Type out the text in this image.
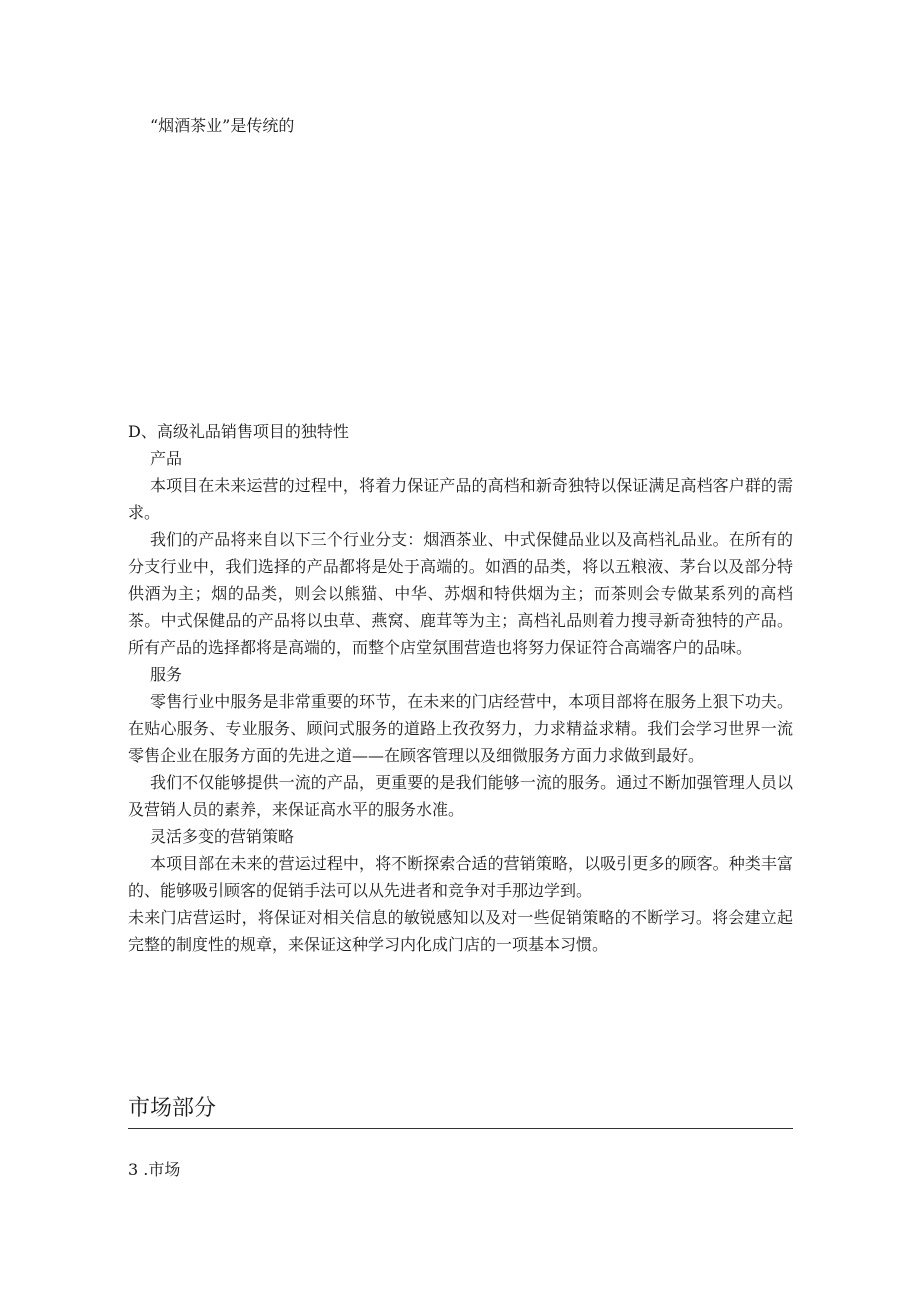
“烟酒茶业”是传统的

D、高级礼品销售项目的独特性

产品

本项目在未来运营的过程中，将着力保证产品的高档和新奇独特以保证满足高档客户群的需求。

我们的产品将来自以下三个行业分支：烟酒茶业、中式保健品业以及高档礼品业。在所有的分支行业中，我们选择的产品都将是处于高端的。如酒的品类，将以五粮液、茅台以及部分特供酒为主；烟的品类，则会以熊猫、中华、苏烟和特供烟为主；而茶则会专做某系列的高档茶。中式保健品的产品将以虫草、燕窝、鹿茸等为主；高档礼品则着力搜寻新奇独特的产品。所有产品的选择都将是高端的，而整个店堂氛围营造也将努力保证符合高端客户的品味。

服务

零售行业中服务是非常重要的环节，在未来的门店经营中，本项目部将在服务上狠下功夫。在贴心服务、专业服务、顾问式服务的道路上孜孜努力，力求精益求精。我们会学习世界一流零售企业在服务方面的先进之道——在顾客管理以及细微服务方面力求做到最好。

我们不仅能够提供一流的产品，更重要的是我们能够一流的服务。通过不断加强管理人员以及营销人员的素养，来保证高水平的服务水准。

灵活多变的营销策略

本项目部在未来的营运过程中，将不断探索合适的营销策略，以吸引更多的顾客。种类丰富的、能够吸引顾客的促销手法可以从先进者和竞争对手那边学到。

未来门店营运时，将保证对相关信息的敏锐感知以及对一些促销策略的不断学习。将会建立起完整的制度性的规章，来保证这种学习内化成门店的一项基本习惯。

市场部分
3 .市场
